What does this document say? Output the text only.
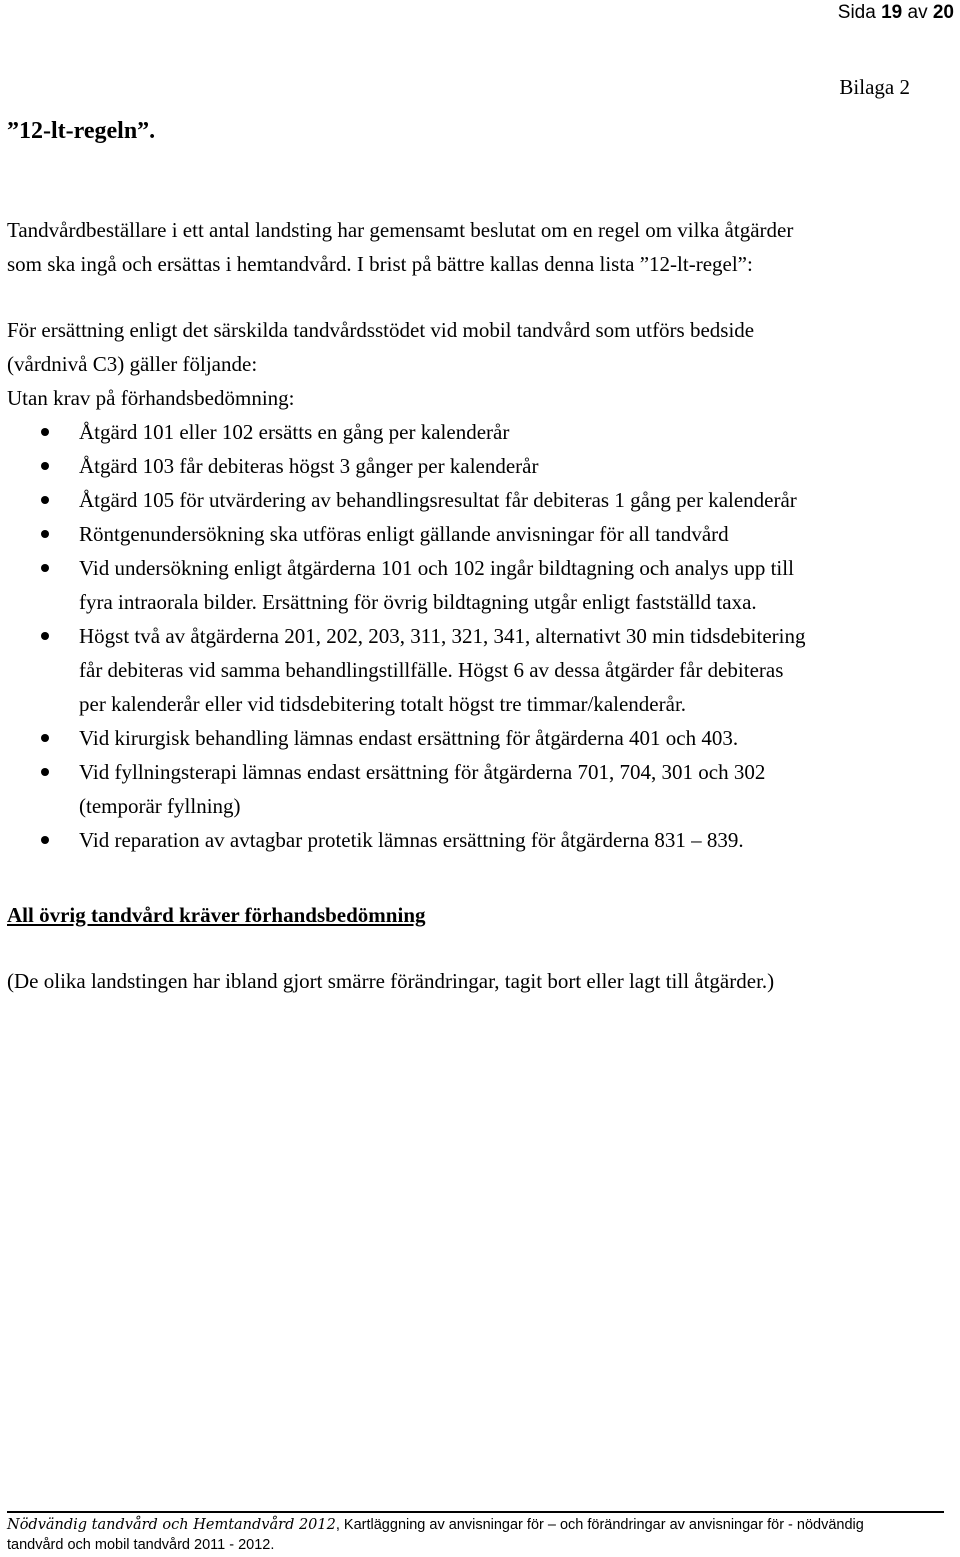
Sida 19 av 20
Bilaga 2
”12-lt-regeln”.

Tandvårdbeställare i ett antal landsting har gemensamt beslutat om en regel om vilka åtgärder
som ska ingå och ersättas i hemtandvård. I brist på bättre kallas denna lista ”12-lt-regel”:

För ersättning enligt det särskilda tandvårdsstödet vid mobil tandvård som utförs bedside
(vårdnivå C3) gäller följande:
Utan krav på förhandsbedömning:

Åtgärd 101 eller 102 ersätts en gång per kalenderår
Åtgärd 103 får debiteras högst 3 gånger per kalenderår
Åtgärd 105 för utvärdering av behandlingsresultat får debiteras 1 gång per kalenderår
Röntgenundersökning ska utföras enligt gällande anvisningar för all tandvård
Vid undersökning enligt åtgärderna 101 och 102 ingår bildtagning och analys upp till
fyra intraorala bilder. Ersättning för övrig bildtagning utgår enligt fastställd taxa.
Högst två av åtgärderna 201, 202, 203, 311, 321, 341, alternativt 30 min tidsdebitering
får debiteras vid samma behandlingstillfälle. Högst 6 av dessa åtgärder får debiteras
per kalenderår eller vid tidsdebitering totalt högst tre timmar/kalenderår.
Vid kirurgisk behandling lämnas endast ersättning för åtgärderna 401 och 403.
Vid fyllningsterapi lämnas endast ersättning för åtgärderna 701, 704, 301 och 302
(temporär fyllning)
Vid reparation av avtagbar protetik lämnas ersättning för åtgärderna 831 – 839.
All övrig tandvård kräver förhandsbedömning
(De olika landstingen har ibland gjort smärre förändringar, tagit bort eller lagt till åtgärder.)
Nödvändig tandvård och Hemtandvård 2012, Kartläggning av anvisningar för – och förändringar av anvisningar för - nödvändig
tandvård och mobil tandvård 2011 - 2012.
